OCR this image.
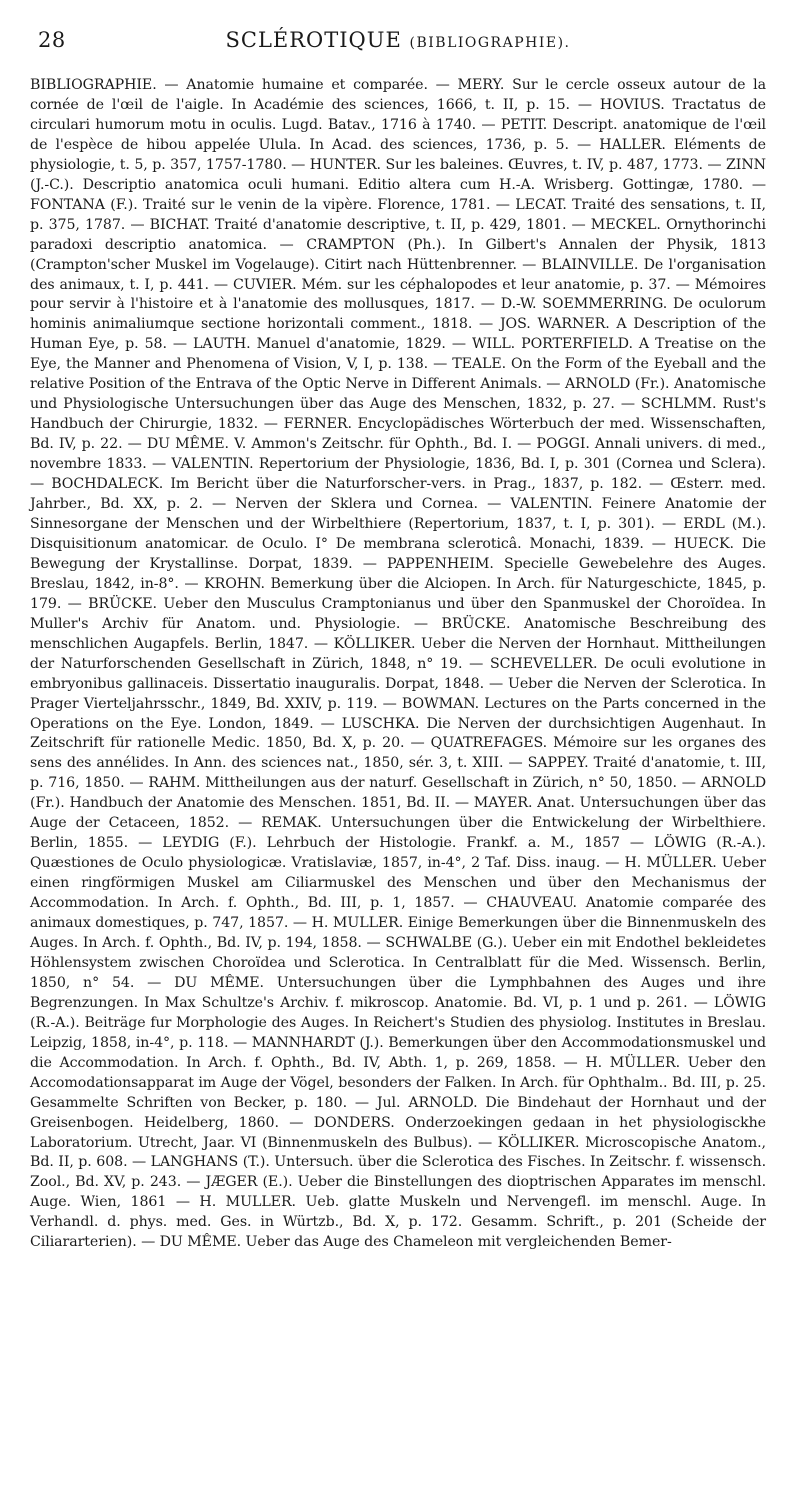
28	SCLÉROTIQUE (BIBLIOGRAPHIE).

BIBLIOGRAPHIE. — Anatomie humaine et comparée. — MERY. Sur le cercle osseux autour de la cornée de l'œil de l'aigle. In Académie des sciences, 1666, t. II, p. 15. — HOVIUS. Tractatus de circulari humorum motu in oculis. Lugd. Batav., 1716 à 1740. — PETIT. Descript. anatomique de l'œil de l'espèce de hibou appelée Ulula. In Acad. des sciences, 1736, p. 5. — HALLER. Eléments de physiologie, t. 5, p. 357, 1757-1780. — HUNTER. Sur les baleines. Œuvres, t. IV, p. 487, 1773. — ZINN (J.-C.). Descriptio anatomica oculi humani. Editio altera cum H.-A. Wrisberg. Gottingæ, 1780. — FONTANA (F.). Traité sur le venin de la vipère. Florence, 1781. — LECAT. Traité des sensations, t. II, p. 375, 1787. — BICHAT. Traité d'anatomie descriptive, t. II, p. 429, 1801. — MECKEL. Ornythorinchi paradoxi descriptio anatomica. — CRAMPTON (Ph.). In Gilbert's Annalen der Physik, 1813 (Crampton'scher Muskel im Vogelauge). Citirt nach Hüttenbrenner. — BLAINVILLE. De l'organisation des animaux, t. I, p. 441. — CUVIER. Mém. sur les céphalopodes et leur anatomie, p. 37. — Mémoires pour servir à l'histoire et à l'anatomie des mollusques, 1817. — D.-W. SOEMMERRING. De oculorum hominis animaliumque sectione horizontali comment., 1818. — JOS. WARNER. A Description of the Human Eye, p. 58. — LAUTH. Manuel d'anatomie, 1829. — WILL. PORTERFIELD. A Treatise on the Eye, the Manner and Phenomena of Vision, V, I, p. 138. — TEALE. On the Form of the Eyeball and the relative Position of the Entrava of the Optic Nerve in Different Animals. — ARNOLD (Fr.). Anatomische und Physiologische Untersuchungen über das Auge des Menschen, 1832, p. 27. — SCHLMM. Rust's Handbuch der Chirurgie, 1832. — FERNER. Encyclopädisches Wörterbuch der med. Wissenschaften, Bd. IV, p. 22. — DU MÊME. V. Ammon's Zeitschr. für Ophth., Bd. I. — POGGI. Annali univers. di med., novembre 1833. — VALENTIN. Repertorium der Physiologie, 1836, Bd. I, p. 301 (Cornea und Sclera). — BOCHDALECK. Im Bericht über die Naturforscher-vers. in Prag., 1837, p. 182. — Œsterr. med. Jahrber., Bd. XX, p. 2. — Nerven der Sklera und Cornea. — VALENTIN. Feinere Anatomie der Sinnesorgane der Menschen und der Wirbelthiere (Repertorium, 1837, t. I, p. 301). — ERDL (M.). Disquisitionum anatomicar. de Oculo. I° De membrana scleroticâ. Monachi, 1839. — HUECK. Die Bewegung der Krystallinse. Dorpat, 1839. — PAPPENHEIM. Specielle Gewebelehre des Auges. Breslau, 1842, in-8°. — KROHN. Bemerkung über die Alciopen. In Arch. für Naturgeschicte, 1845, p. 179. — BRÜCKE. Ueber den Musculus Cramptonianus und über den Spanmuskel der Choroïdea. In Muller's Archiv für Anatom. und. Physiologie. — BRÜCKE. Anatomische Beschreibung des menschlichen Augapfels. Berlin, 1847. — KÖLLIKER. Ueber die Nerven der Hornhaut. Mittheilungen der Naturforschenden Gesellschaft in Zürich, 1848, n° 19. — SCHEVELLER. De oculi evolutione in embryonibus gallinaceis. Dissertatio inauguralis. Dorpat, 1848. — Ueber die Nerven der Sclerotica. In Prager Vierteljahrsschr., 1849, Bd. XXIV, p. 119. — BOWMAN. Lectures on the Parts concerned in the Operations on the Eye. London, 1849. — LUSCHKA. Die Nerven der durchsichtigen Augenhaut. In Zeitschrift für rationelle Medic. 1850, Bd. X, p. 20. — QUATREFAGES. Mémoire sur les organes des sens des annélides. In Ann. des sciences nat., 1850, sér. 3, t. XIII. — SAPPEY. Traité d'anatomie, t. III, p. 716, 1850. — RAHM. Mittheilungen aus der naturf. Gesellschaft in Zürich, n° 50, 1850. — ARNOLD (Fr.). Handbuch der Anatomie des Menschen. 1851, Bd. II. — MAYER. Anat. Untersuchungen über das Auge der Cetaceen, 1852. — REMAK. Untersuchungen über die Entwickelung der Wirbelthiere. Berlin, 1855. — LEYDIG (F.). Lehrbuch der Histologie. Frankf. a. M., 1857 — LÖWIG (R.-A.). Quæstiones de Oculo physiologicæ. Vratislaviæ, 1857, in-4°, 2 Taf. Diss. inaug. — H. MÜLLER. Ueber einen ringförmigen Muskel am Ciliarmuskel des Menschen und über den Mechanismus der Accommodation. In Arch. f. Ophth., Bd. III, p. 1, 1857. — CHAUVEAU. Anatomie comparée des animaux domestiques, p. 747, 1857. — H. MULLER. Einige Bemerkungen über die Binnenmuskeln des Auges. In Arch. f. Ophth., Bd. IV, p. 194, 1858. — SCHWALBE (G.). Ueber ein mit Endothel bekleidetes Höhlensystem zwischen Choroïdea und Sclerotica. In Centralblatt für die Med. Wissensch. Berlin, 1850, n° 54. — DU MÊME. Untersuchungen über die Lymphbahnen des Auges und ihre Begrenzungen. In Max Schultze's Archiv. f. mikroscop. Anatomie. Bd. VI, p. 1 und p. 261. — LÖWIG (R.-A.). Beiträge fur Morphologie des Auges. In Reichert's Studien des physiolog. Institutes in Breslau. Leipzig, 1858, in-4°, p. 118. — MANNHARDT (J.). Bemerkungen über den Accommodationsmuskel und die Accommodation. In Arch. f. Ophth., Bd. IV, Abth. 1, p. 269, 1858. — H. MÜLLER. Ueber den Accomodationsapparat im Auge der Vögel, besonders der Falken. In Arch. für Ophthalm.. Bd. III, p. 25. Gesammelte Schriften von Becker, p. 180. — Jul. ARNOLD. Die Bindehaut der Hornhaut und der Greisenbogen. Heidelberg, 1860. — DONDERS. Onderzoekingen gedaan in het physiologisckhe Laboratorium. Utrecht, Jaar. VI (Binnenmuskeln des Bulbus). — KÖLLIKER. Microscopische Anatom., Bd. II, p. 608. — LANGHANS (T.). Untersuch. über die Sclerotica des Fisches. In Zeitschr. f. wissensch. Zool., Bd. XV, p. 243. — JÆGER (E.). Ueber die Binstellungen des dioptrischen Apparates im menschl. Auge. Wien, 1861 — H. MULLER. Ueb. glatte Muskeln und Nervengefl. im menschl. Auge. In Verhandl. d. phys. med. Ges. in Würtzb., Bd. X, p. 172. Gesamm. Schrift., p. 201 (Scheide der Ciliararterien). — DU MÊME. Ueber das Auge des Chameleon mit vergleichenden Bemer-
